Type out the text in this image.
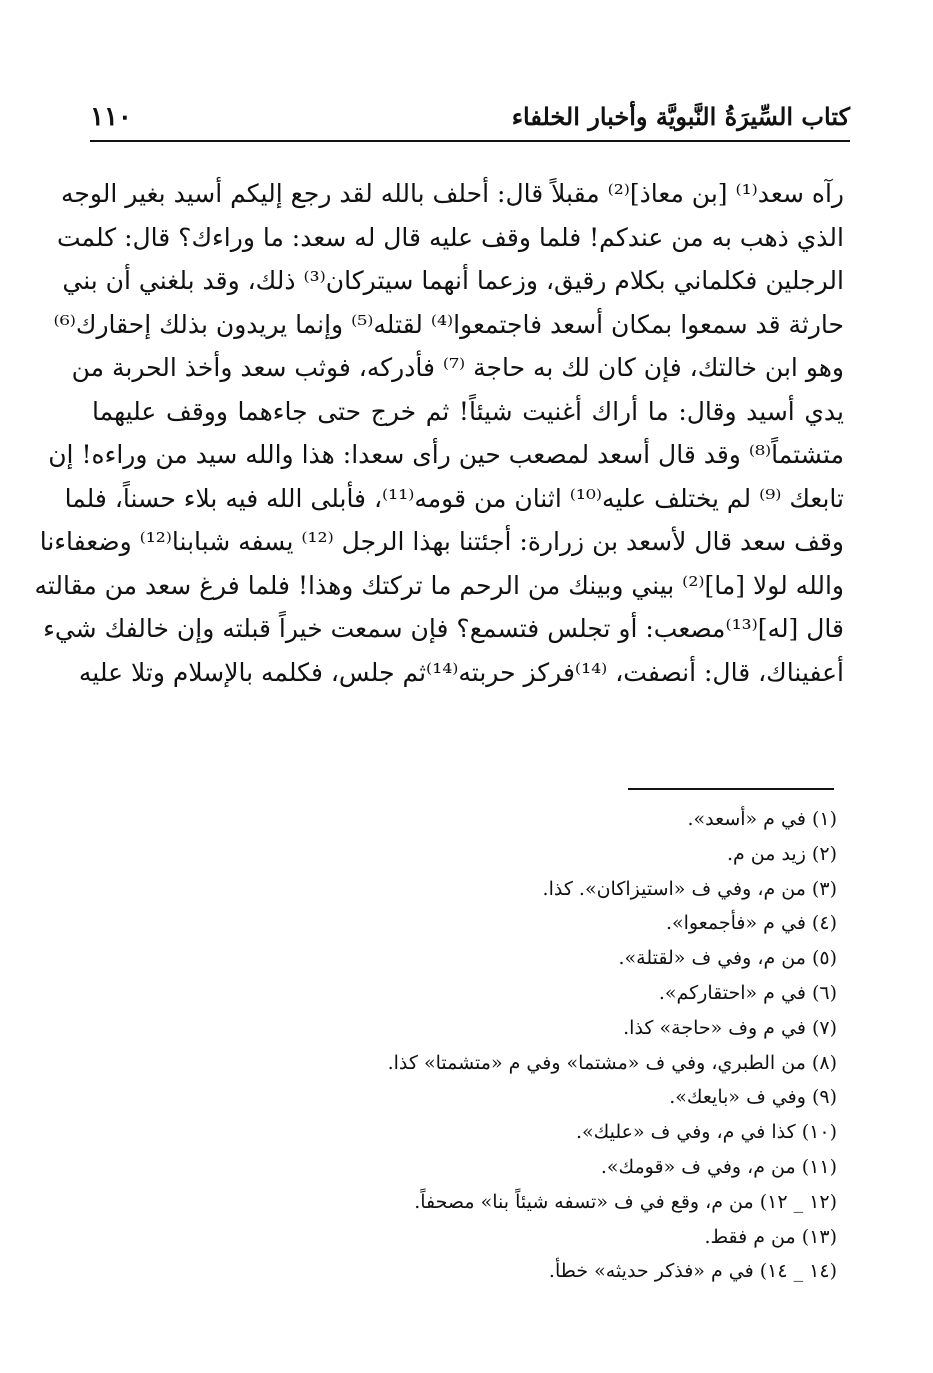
كتاب السِّيرَةُ النَّبويَّة وأخبار الخلفاء
١١٠
رآه سعد⁽¹⁾ [بن معاذ]⁽²⁾ مقبلاً قال: أحلف بالله لقد رجع إليكم أسيد بغير الوجه
الذي ذهب به من عندكم! فلما وقف عليه قال له سعد: ما وراءك؟ قال: كلمت
الرجلين فكلماني بكلام رقيق، وزعما أنهما سيتركان⁽³⁾ ذلك، وقد بلغني أن بني
حارثة قد سمعوا بمكان أسعد فاجتمعوا⁽⁴⁾ لقتله⁽⁵⁾ وإنما يريدون بذلك إحقارك⁽⁶⁾
وهو ابن خالتك، فإن كان لك به حاجة ⁽⁷⁾ فأدركه، فوثب سعد وأخذ الحربة من
يدي أسيد وقال: ما أراك أغنيت شيئاً! ثم خرج حتى جاءهما ووقف عليهما
متشتماً⁽⁸⁾ وقد قال أسعد لمصعب حين رأى سعدا: هذا والله سيد من وراءه! إن
تابعك ⁽⁹⁾ لم يختلف عليه⁽¹⁰⁾ اثنان من قومه⁽¹¹⁾، فأبلى الله فيه بلاء حسناً، فلما
وقف سعد قال لأسعد بن زرارة: أجئتنا بهذا الرجل ⁽¹²⁾ يسفه شبابنا⁽¹²⁾ وضعفاءنا
والله لولا [ما]⁽²⁾ بيني وبينك من الرحم ما تركتك وهذا! فلما فرغ سعد من مقالته
قال [له]⁽¹³⁾مصعب: أو تجلس فتسمع؟ فإن سمعت خيراً قبلته وإن خالفك شيء
أعفيناك، قال: أنصفت، ⁽¹⁴⁾فركز حربته⁽¹⁴⁾ثم جلس، فكلمه بالإسلام وتلا عليه
(١) في م «أسعد».
(٢) زيد من م.
(٣) من م، وفي ف «استيزاكان». كذا.
(٤) في م «فأجمعوا».
(٥) من م، وفي ف «لقتلة».
(٦) في م «احتقاركم».
(٧) في م وف «حاجة» كذا.
(٨) من الطبري، وفي ف «مشتما» وفي م «متشمتا» كذا.
(٩) وفي ف «بايعك».
(١٠) كذا في م، وفي ف «عليك».
(١١) من م، وفي ف «قومك».
(١٢ _ ١٢) من م، وقع في ف «تسفه شيئاً بنا» مصحفاً.
(١٣) من م فقط.
(١٤ _ ١٤) في م «فذكر حديثه» خطأ.
